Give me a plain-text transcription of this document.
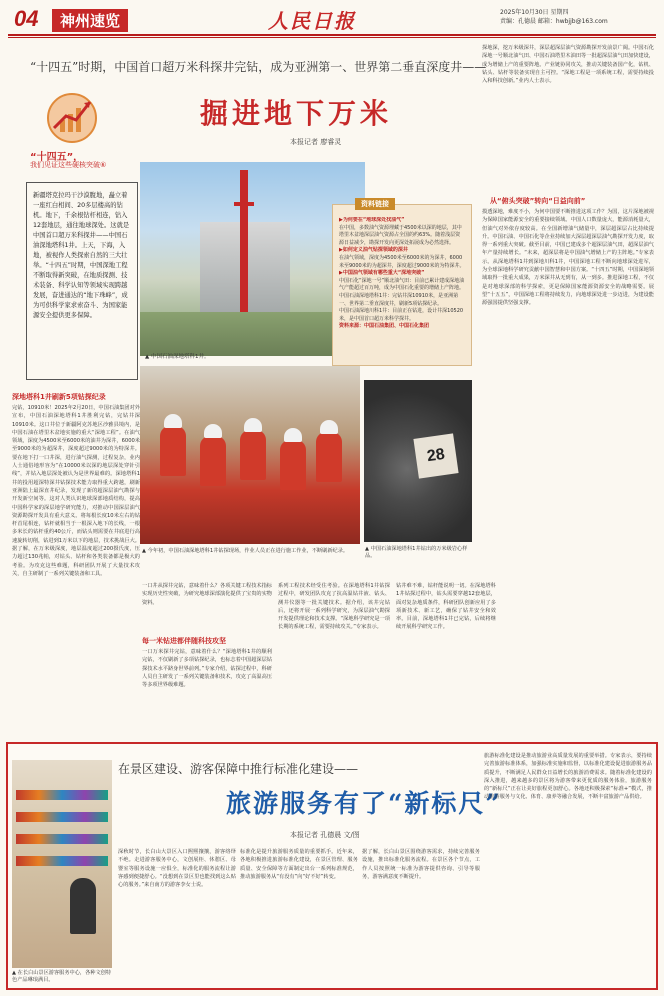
04	神州速览	人民日报	2025年10月30日 星期四
责编：孔德晨 邮箱：hwbjjb@163.com
“十四五”时期，中国首口超万米科探井完钻，成为亚洲第一、世界第二垂直深度井——
掘进地下万米
本报记者 廖睿灵
“十四五”，
我们见证这些硬核突破⑥
新疆塔克拉玛干沙漠腹地，矗立着一座红白相间、20多层楼高的钻机。地下，千余根钻杆相连，钻入12套地层，通往地球深处。这就是中国首口超万米科探井——中国石油深地塔科1井。上天，下海，入地，被视作人类探索自然的三大壮举。“十四五”时期，中国深地工程不断取得新突破，在地质探测、技术装备、科学认知等领域实现跨越发展，奋进通达的“地下珠峰”，成为可供科学家求索奋斗、为国家能源安全提供更多保障。
深地塔科1井刷新5项钻探纪录
完钻，10910米！2025年2月20日，中国石油集团对外宣布，中国石油深地塔科1井胜利完钻，完钻井深10910米。这口井位于新疆阿克苏地区沙雅县境内，是中国石油在塔里木盆地实施的重大“深地工程”。在油气领域，深度为4500米至6000米的油井为深井，6000米至9000米的为超深井，深度超过9000米的为特深井。要在地下打一口井深，进行油气探测，过程复杂，业内人士通俗地形容为“在10000米以深的地层深处穿针引线”，并钻入地层深处被认为是世界最难的。深地塔科1井的投用超深特深井钻探技术能力取得重大跨越，刷新亚洲陆上最深直井纪录，发现了新的超深层油气勘探与开发新空间等。这对人类认识地球深部地质结构，提高中国科学家的深层地学研究能力，对推动中国深层油气资源勘探开发具有重大意义。将每根长度10米左右的钻杆首尾相连，钻杆就相当于一根深入地下的长线，一根多米长的钻杆重约40公斤，而钻头则需要在井底进行高速旋转切削，钻进到1万米以下的地层，技术挑战巨大。据了解，在万米级深度，地层温度超过200摄氏度，压力超过130兆帕，对钻头、钻杆和各类装备都是极大的考验。为攻克这些难题，科研团队开展了大量技术攻关，自主研制了一系列关键装备和工具。
▲ 中国石油深地塔科1井。
▶为何要在“地球深处找油气”
在中国，多数油气资源埋藏于4500米以深的地层，其中塔里木盆地深层油气资源占全国的约63%。随着浅层资源日益减少，勘探开发向更深处拓展成为必然选择。
▶如何定义油气钻探领域的深井
在油气领域，深度为4500米至6000米的为深井，6000米至9000米的为超深井，深度超过9000米的为特深井。
▶中国油气领域有哪些重大“深地突破”
中国石化“深地一号”顺北油气田：目前已累计建成深地油气产能超过百万吨，成为中国石化重要的增储上产阵地。
中国石油深地塔科1井：完钻井深10910米，是亚洲第一、世界第二垂直深度井，刷新5项钻探纪录。
中国石油深地川科1井：目前正在钻进，设计井深10520米，是中国首口超万米科学探井。
资料来源：中国石油集团、中国石化集团
资料链接
28
▲ 中国石油深地塔科1井钻出的万米级岩心样品。
▲ 今年初，中国石油深地塔科1井钻探现场，作业人员正在进行施工作业，不断刷新纪录。
一口井从探井完钻，意味着什么？各项关键工程技术指标实现历史性突破，为研究地球深部演化提供了宝贵的实物资料。
每一米钻进都伴随科技攻坚
一口万米探井完钻，意味着什么？“深地塔科1井的顺利完钻，不仅刷新了多项钻探纪录，也标志着中国超深层钻探技术水平跻身世界前列。”专家介绍，钻探过程中，科研人员自主研发了一系列关键装备和技术，攻克了高温高压等多项世界级难题。
系列工程技术经受住考验。在深地塔科1井钻探过程中，研发团队攻克了抗高温钻井液、钻头、测井仪器等一批关键技术。据介绍，该井完钻后，还将开展一系列科学研究，为深层油气勘探开发提供理论和技术支撑。“深地科学研究是一项长期的系统工程，需要持续攻关。”专家表示。
钻井难不难，钻杆能说明一切。在深地塔科1井钻探过程中，钻头需要穿越12套地层，面对复杂地质条件，科研团队创新应用了多项新技术、新工艺，确保了钻井安全和效率。目前，深地塔科1井已完钻，后续将继续开展科学研究工作。
探地深，挖万米级深井，深层超深层油气资源勘探开发前景广阔。中国石化深地一号顺北油气田、中国石油塔里木油田等一批超深层油气田加快建设，成为增储上产的重要阵地。产业链协同攻关，推动关键装备国产化，钻机、钻头、钻杆等装备实现自主可控。“深地工程是一项系统工程，需要持续投入和科技创新。”业内人士表示。
从“俯头突破”转向“日益向前”
摸透深地，难度不小，为何中国要不断推进这项工作？为国，这片深地被视为保障国家能源安全的重要接续领域。中国人口数量庞大，能源消耗量大，但油气对外依存度较高。在全国新增油气储量中，深层超深层占比持续提升。中国石油、中国石化等企业持续加大深层超深层油气勘探开发力度，取得一系列重大突破。截至目前，中国已建成多个超深层油气田，超深层油气年产量持续增长。“未来，超深层将是中国油气增储上产的主阵地。”专家表示。从深地塔科1井到深地川科1井，中国深地工程不断向地球深处进军，为全球深地科学研究贡献中国智慧和中国方案。“十四五”时期，中国深地领域取得一批重大成果，万米深井从无到有，从一到多。推进深地工程，不仅是对地球深部的科学探索，更是保障国家能源资源安全的战略需要。展望“十五五”，中国深地工程将持续发力，向地球深处进一步迈进，为建设能源强国提供坚强支撑。
在景区建设、游客保障中推行标准化建设——
旅游服务有了“新标尺”
本报记者 孔德晨 文/图
▲ 在长白山景区游客服务中心，各种文创特色产品琳琅满目。
深秋时节，长白山大景区入口熙熙攘攘，游客络绎不绝。走进游客服务中心，文创展柜、休憩区、母婴室等服务设施一应俱全，标准化的服务流程让游客感到便捷舒心。“没想到在景区里也能找到这么贴心的服务。”来自南方的游客李女士说。
标准化是提升旅游服务质量的重要抓手。近年来，各地积极推进旅游标准化建设，在景区管理、服务质量、安全保障等方面制定出台一系列标准规范，推动旅游服务从“有没有”向“好不好”转变。
据了解，长白山景区围绕游客需求，持续完善服务设施，推出标准化服务流程。在景区各个节点，工作人员按照统一标准为游客提供咨询、引导等服务，游客满意度不断提升。
旅游标准化建设是推动旅游业高质量发展的重要举措。专家表示，要持续完善旅游标准体系，加强标准实施和监督，以标准化建设促进旅游服务品质提升，不断满足人民群众日益增长的旅游消费需求。随着标准化建设的深入推进，越来越多的景区将为游客带来更优质的服务体验，旅游服务的“新标尺”正在让美好旅程更加舒心。各地还积极探索“标准+”模式，推动旅游服务与文化、体育、康养等融合发展，不断丰富旅游产品供给。
